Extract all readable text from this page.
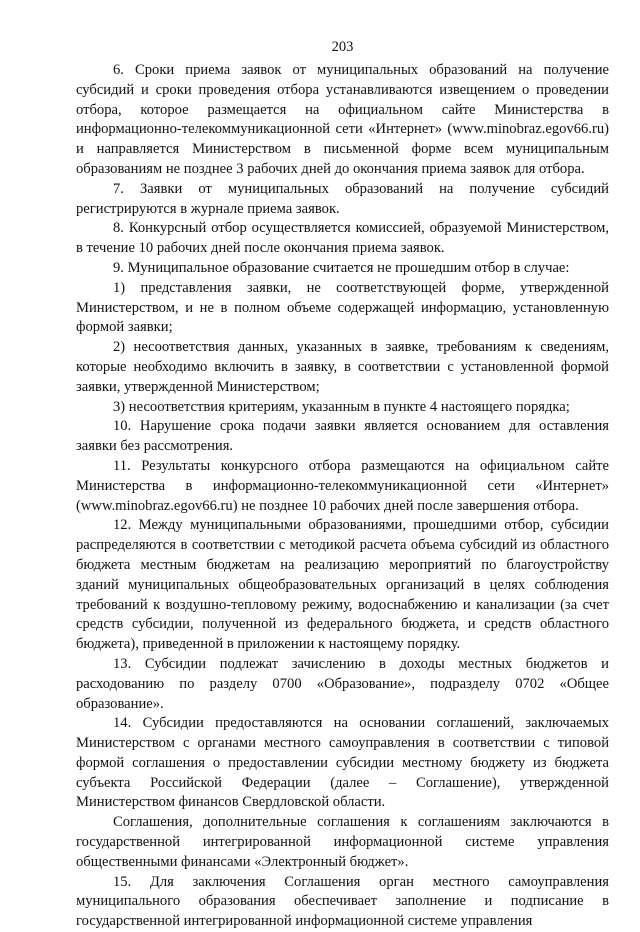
203

6. Сроки приема заявок от муниципальных образований на получение субсидий и сроки проведения отбора устанавливаются извещением о проведении отбора, которое размещается на официальном сайте Министерства в информационно-телекоммуникационной сети «Интернет» (www.minobraz.egov66.ru) и направляется Министерством в письменной форме всем муниципальным образованиям не позднее 3 рабочих дней до окончания приема заявок для отбора.

7. Заявки от муниципальных образований на получение субсидий регистрируются в журнале приема заявок.

8. Конкурсный отбор осуществляется комиссией, образуемой Министерством, в течение 10 рабочих дней после окончания приема заявок.

9. Муниципальное образование считается не прошедшим отбор в случае:

1) представления заявки, не соответствующей форме, утвержденной Министерством, и не в полном объеме содержащей информацию, установленную формой заявки;

2) несоответствия данных, указанных в заявке, требованиям к сведениям, которые необходимо включить в заявку, в соответствии с установленной формой заявки, утвержденной Министерством;

3) несоответствия критериям, указанным в пункте 4 настоящего порядка;

10. Нарушение срока подачи заявки является основанием для оставления заявки без рассмотрения.

11. Результаты конкурсного отбора размещаются на официальном сайте Министерства в информационно-телекоммуникационной сети «Интернет» (www.minobraz.egov66.ru) не позднее 10 рабочих дней после завершения отбора.

12. Между муниципальными образованиями, прошедшими отбор, субсидии распределяются в соответствии с методикой расчета объема субсидий из областного бюджета местным бюджетам на реализацию мероприятий по благоустройству зданий муниципальных общеобразовательных организаций в целях соблюдения требований к воздушно-тепловому режиму, водоснабжению и канализации (за счет средств субсидии, полученной из федерального бюджета, и средств областного бюджета), приведенной в приложении к настоящему порядку.

13. Субсидии подлежат зачислению в доходы местных бюджетов и расходованию по разделу 0700 «Образование», подразделу 0702 «Общее образование».

14. Субсидии предоставляются на основании соглашений, заключаемых Министерством с органами местного самоуправления в соответствии с типовой формой соглашения о предоставлении субсидии местному бюджету из бюджета субъекта Российской Федерации (далее – Соглашение), утвержденной Министерством финансов Свердловской области.

Соглашения, дополнительные соглашения к соглашениям заключаются в государственной интегрированной информационной системе управления общественными финансами «Электронный бюджет».

15. Для заключения Соглашения орган местного самоуправления муниципального образования обеспечивает заполнение и подписание в государственной интегрированной информационной системе управления
